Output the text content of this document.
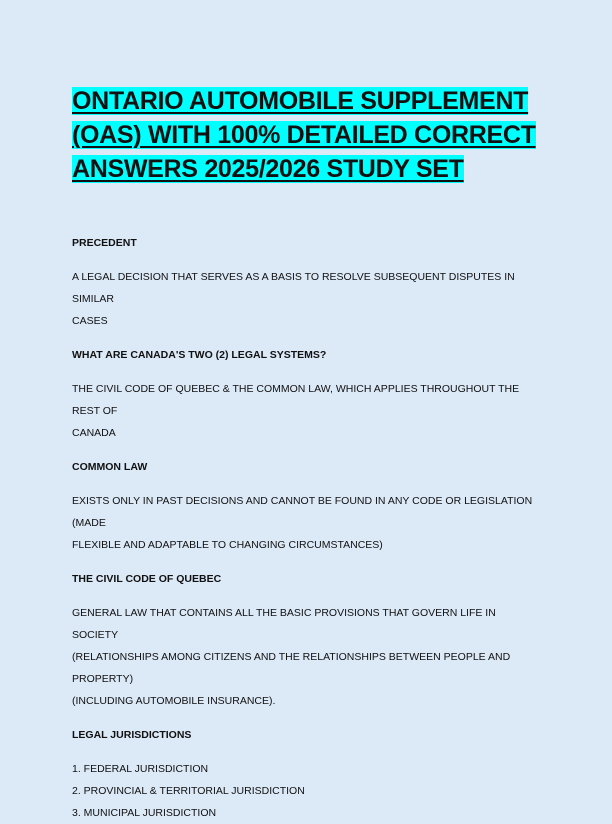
ONTARIO AUTOMOBILE SUPPLEMENT
(OAS) WITH 100% DETAILED CORRECT
ANSWERS 2025/2026 STUDY SET

PRECEDENT

A LEGAL DECISION THAT SERVES AS A BASIS TO RESOLVE SUBSEQUENT DISPUTES IN SIMILAR

CASES

WHAT ARE CANADA'S TWO (2) LEGAL SYSTEMS?

THE CIVIL CODE OF QUEBEC & THE COMMON LAW, WHICH APPLIES THROUGHOUT THE REST OF

CANADA

COMMON LAW

EXISTS ONLY IN PAST DECISIONS AND CANNOT BE FOUND IN ANY CODE OR LEGISLATION (MADE

FLEXIBLE AND ADAPTABLE TO CHANGING CIRCUMSTANCES)

THE CIVIL CODE OF QUEBEC

GENERAL LAW THAT CONTAINS ALL THE BASIC PROVISIONS THAT GOVERN LIFE IN SOCIETY

(RELATIONSHIPS AMONG CITIZENS AND THE RELATIONSHIPS BETWEEN PEOPLE AND PROPERTY)

(INCLUDING AUTOMOBILE INSURANCE).

LEGAL JURISDICTIONS

1. FEDERAL JURISDICTION

2. PROVINCIAL & TERRITORIAL JURISDICTION

3. MUNICIPAL JURISDICTION
